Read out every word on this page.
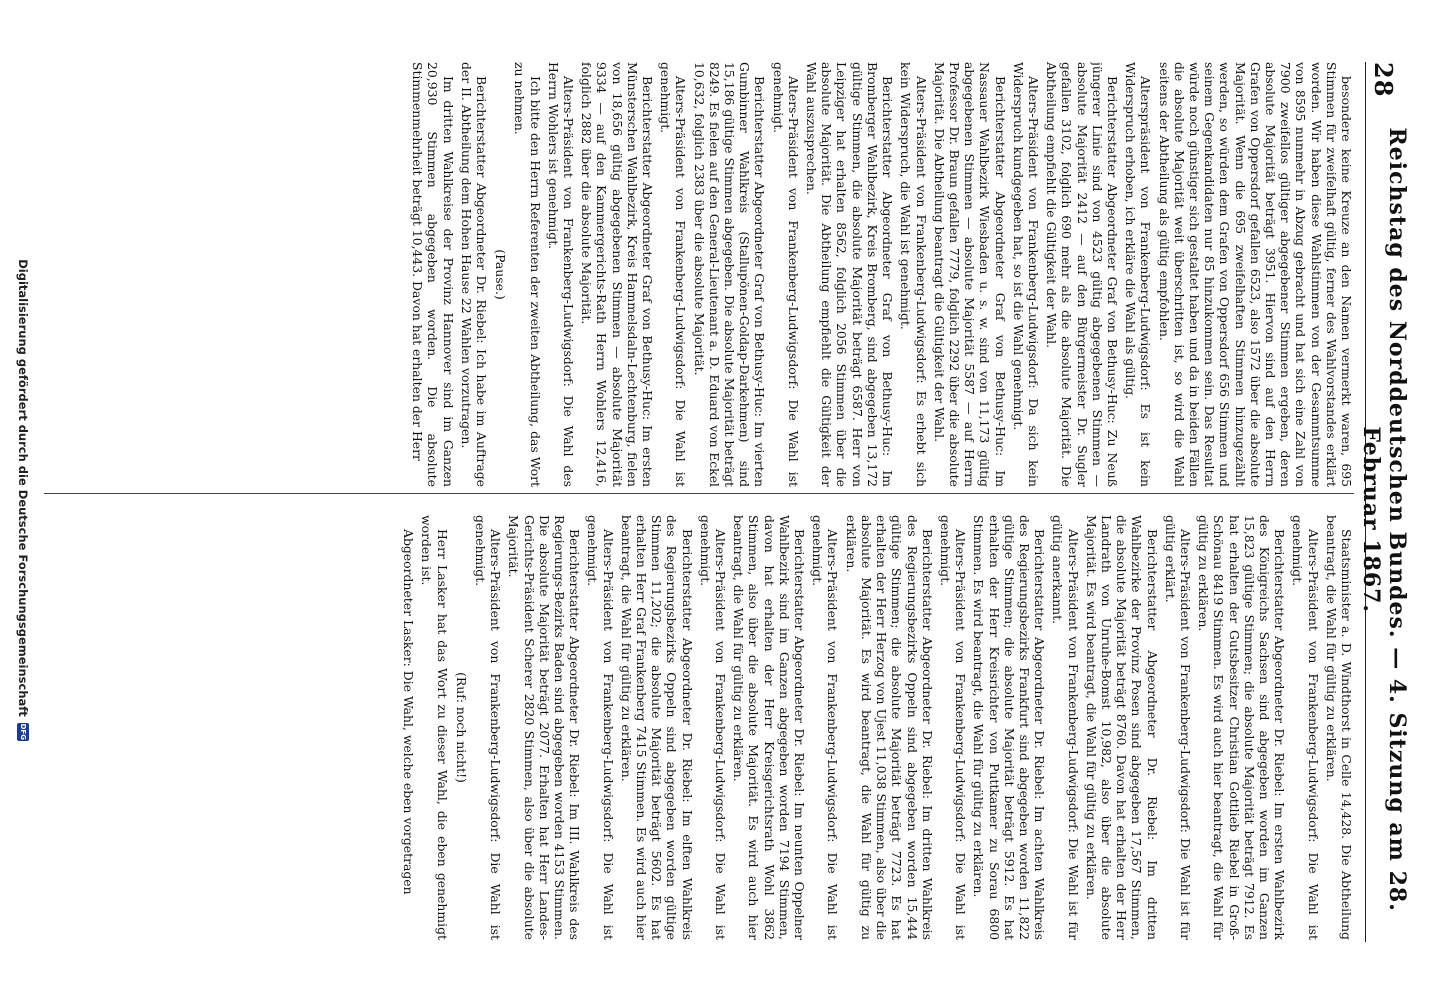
28
Reichstag des Norddeutschen Bundes. — 4. Sitzung am 28. Februar 1867.

besondere keine Kreuze an den Namen vermerkt waren, 695 Stimmen für zweifelhaft gültig, ferner des Wahlvorstandes erklärt worden. Wir haben diese Wahlstimmen von der Gesammtsumme von 8595 nunmehr in Abzug gebracht und hat sich eine Zahl von 7900 zweifellos gültiger abgegebener Stimmen ergeben, deren absolute Majorität beträgt 3951. Hiervon sind auf den Herrn Grafen von Oppersdorf gefallen 6523, also 1572 über die absolute Majorität. Wenn die 695 zweifelhaften Stimmen hinzugezählt werden, so würden dem Grafen von Oppersdorf 656 Stimmen und seinem Gegenkandidaten nur 85 hinzukommen sein. Das Resultat würde noch günstiger sich gestaltet haben und da in beiden Fällen die absolute Majorität weit überschritten ist, so wird die Wahl seitens der Abtheilung als gültig empfohlen.

Alterspräsident von Frankenberg-Ludwigsdorf: Es ist kein Widerspruch erhoben, ich erkläre die Wahl als gültig.

Berichterstatter Abgeordneter Graf von Bethusy-Huc: Zu Neuß jüngerer Linie sind von 4523 gültig abgegebenen Stimmen — absolute Majorität 2412 — auf den Bürgermeister Dr. Sugler gefallen 3102, folglich 690 mehr als die absolute Majorität. Die Abtheilung empfiehlt die Gültigkeit der Wahl.

Alters-Präsident von Frankenberg-Ludwigsdorf: Da sich kein Widerspruch kundgegeben hat, so ist die Wahl genehmigt.

Berichterstatter Abgeordneter Graf von Bethusy-Huc: Im Nassauer Wahlbezirk Wiesbaden u. s. w. sind von 11,173 gültig abgegebenen Stimmen — absolute Majorität 5587 — auf Herrn Professor Dr. Braun gefallen 7779, folglich 2292 über die absolute Majorität. Die Abtheilung beantragt die Gültigkeit der Wahl.

Alters-Präsident von Frankenberg-Ludwigsdorf: Es erhebt sich kein Widerspruch, die Wahl ist genehmigt.

Berichterstatter Abgeordneter Graf von Bethusy-Huc: Im Bromberger Wahlbezirk, Kreis Bromberg, sind abgegeben 13,172 gültige Stimmen, die absolute Majorität beträgt 6587. Herr von Leipziger hat erhalten 8562, folglich 2056 Stimmen über die absolute Majorität. Die Abtheilung empfiehlt die Gültigkeit der Wahl auszusprechen.

Alters-Präsident von Frankenberg-Ludwigsdorf: Die Wahl ist genehmigt.

Berichterstatter Abgeordneter Graf von Bethusy-Huc: Im vierten Gumbinner Wahlkreis (Stallupönen-Goldap-Darkehmen) sind 15,186 gültige Stimmen abgegeben. Die absolute Majorität beträgt 8249. Es fielen auf den General-Lieutenant a. D. Eduard von Eckel 10,632, folglich 2383 über die absolute Majorität.

Alters-Präsident von Frankenberg-Ludwigsdorf: Die Wahl ist genehmigt.

Berichterstatter Abgeordneter Graf von Bethusy-Huc: Im ersten Münsterschen Wahlbezirk, Kreis Hammelsdaln-Lechtenburg, fielen von 18,656 gültig abgegebenen Stimmen — absolute Majorität 9334 — auf den Kammergerichts-Rath Herrn Wohlers 12,416, folglich 2882 über die absolute Majorität.

Alters-Präsident von Frankenberg-Ludwigsdorf: Die Wahl des Herrn Wohlers ist genehmigt.

Ich bitte den Herrn Referenten der zweiten Abtheilung, das Wort zu nehmen.

(Pause.)

Berichterstatter Abgeordneter Dr. Riebel: Ich habe im Auftrage der II. Abtheilung dem Hohen Hause 22 Wahlen vorzutragen.

Im dritten Wahlkreise der Provinz Hannover sind im Ganzen 20,930 Stimmen abgegeben worden. Die absolute Stimmenmehrheit beträgt 10,443. Davon hat erhalten der Herr

Staatsminister a. D. Windthorst in Celle 14,428. Die Abtheilung beantragt, die Wahl für gültig zu erklären.

Alters-Präsident von Frankenberg-Ludwigsdorf: Die Wahl ist genehmigt.

Berichterstatter Abgeordneter Dr. Riebel: Im ersten Wahlbezirk des Königreichs Sachsen sind abgegeben worden im Ganzen 15,823 gültige Stimmen; die absolute Majorität beträgt 7912. Es hat erhalten der Gutsbesitzer Christian Gottlieb Riebel in Groß-Schönau 8419 Stimmen. Es wird auch hier beantragt, die Wahl für gültig zu erklären.

Alters-Präsident von Frankenberg-Ludwigsdorf: Die Wahl ist für gültig erklärt.

Berichterstatter Abgeordneter Dr. Riebel: Im dritten Wahlbezirke der Provinz Posen sind abgegeben 17,567 Stimmen, die absolute Majorität beträgt 8760. Davon hat erhalten der Herr Landrath von Unruhe-Bomst 10,982, also über die absolute Majorität. Es wird beantragt, die Wahl für gültig zu erklären.

Alters-Präsident von Frankenberg-Ludwigsdorf: Die Wahl ist für gültig anerkannt.

Berichterstatter Abgeordneter Dr. Riebel: Im achten Wahlkreis des Regierungsbezirks Frankfurt sind abgegeben worden 11,822 gültige Stimmen; die absolute Majorität beträgt 5912. Es hat erhalten der Herr Kreisrichter von Puttkamer zu Sorau 6800 Stimmen. Es wird beantragt, die Wahl für gültig zu erklären.

Alters-Präsident von Frankenberg-Ludwigsdorf: Die Wahl ist genehmigt.

Berichterstatter Abgeordneter Dr. Riebel: Im dritten Wahlkreis des Regierungsbezirks Oppeln sind abgegeben worden 15,444 gültige Stimmen; die absolute Majorität beträgt 7723. Es hat erhalten der Herr Herzog von Ujest 11,038 Stimmen, also über die absolute Majorität. Es wird beantragt, die Wahl für gültig zu erklären.

Alters-Präsident von Frankenberg-Ludwigsdorf: Die Wahl ist genehmigt.

Berichterstatter Abgeordneter Dr. Riebel: Im neunten Oppelner Wahlbezirk sind im Ganzen abgegeben worden 7194 Stimmen, davon hat erhalten der Herr Kreisgerichtsrath Wohl 3862 Stimmen, also über die absolute Majorität. Es wird auch hier beantragt, die Wahl für gültig zu erklären.

Alters-Präsident von Frankenberg-Ludwigsdorf: Die Wahl ist genehmigt.

Berichterstatter Abgeordneter Dr. Riebel: Im elften Wahlkreis des Regierungsbezirks Oppeln sind abgegeben worden gültige Stimmen 11,202; die absolute Majorität beträgt 5602. Es hat erhalten Herr Graf Frankenberg 7415 Stimmen. Es wird auch hier beantragt, die Wahl für gültig zu erklären.

Alters-Präsident von Frankenberg-Ludwigsdorf: Die Wahl ist genehmigt.

Berichterstatter Abgeordneter Dr. Riebel: Im III. Wahlkreis des Regierungs-Bezirks Baden sind abgegeben worden 4153 Stimmen. Die absolute Majorität beträgt 2077. Erhalten hat Herr Landes-Gerichts-Präsident Scherer 2820 Stimmen, also über die absolute Majorität.

Alters-Präsident von Frankenberg-Ludwigsdorf: Die Wahl ist genehmigt.

(Ruf: noch nicht!)

Herr Lasker hat das Wort zu dieser Wahl, die eben genehmigt worden ist.

Abgeordneter Lasker: Die Wahl, welche eben vorgetragen

Digitalisierung gefördert durch die Deutsche Forschungsgemeinschaft
DFG
